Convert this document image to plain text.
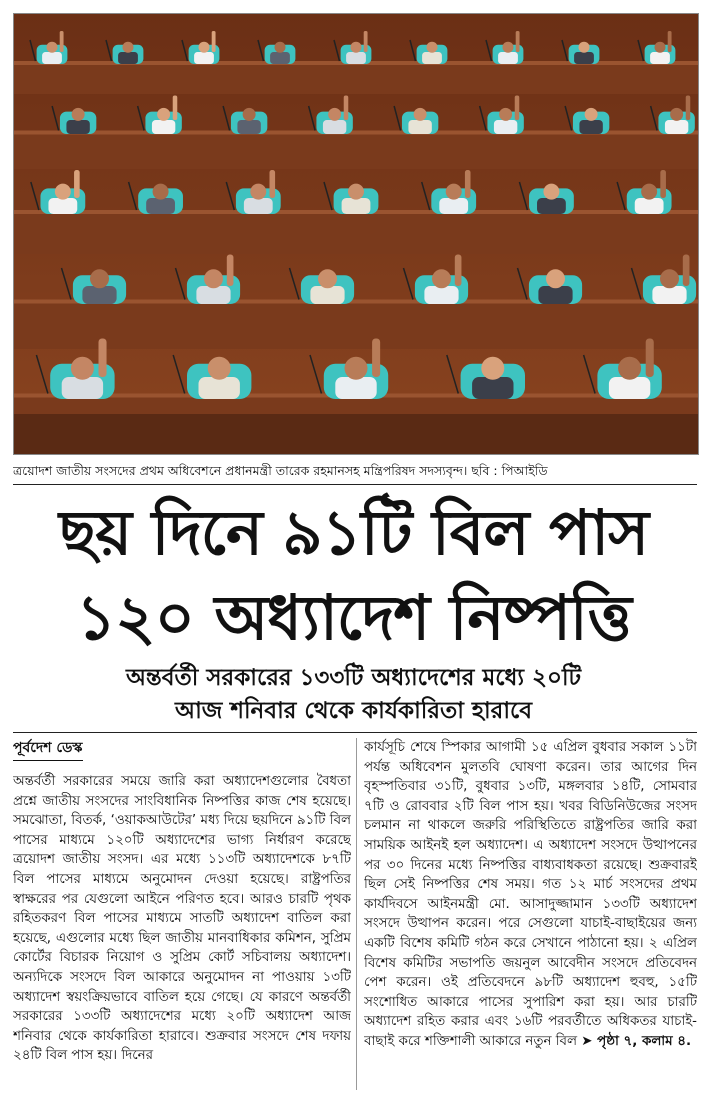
ত্রয়োদশ জাতীয় সংসদের প্রথম অধিবেশনে প্রধানমন্ত্রী তারেক রহমানসহ মন্ত্রিপরিষদ সদস্যবৃন্দ। ছবি : পিআইডি
ছয় দিনে ৯১টি বিল পাস
১২০ অধ্যাদেশ নিষ্পত্তি
অন্তর্বর্তী সরকারের ১৩৩টি অধ্যাদেশের মধ্যে ২০টি
আজ শনিবার থেকে কার্যকারিতা হারাবে
পূর্বদেশ ডেস্ক
অন্তর্বর্তী সরকারের সময়ে জারি করা অধ্যাদেশগুলোর বৈধতা প্রশ্নে জাতীয় সংসদের সাংবিধানিক নিষ্পত্তির কাজ শেষ হয়েছে। সমঝোতা, বিতর্ক, ‘ওয়াকআউটের’ মধ্য দিয়ে ছয়দিনে ৯১টি বিল পাসের মাধ্যমে ১২০টি অধ্যাদেশের ভাগ্য নির্ধারণ করেছে ত্রয়োদশ জাতীয় সংসদ। এর মধ্যে ১১৩টি অধ্যাদেশকে ৮৭টি বিল পাসের মাধ্যমে অনুমোদন দেওয়া হয়েছে। রাষ্ট্রপতির স্বাক্ষরের পর যেগুলো আইনে পরিণত হবে। আরও চারটি পৃথক রহিতকরণ বিল পাসের মাধ্যমে সাতটি অধ্যাদেশ বাতিল করা হয়েছে, এগুলোর মধ্যে ছিল জাতীয় মানবাধিকার কমিশন, সুপ্রিম কোর্টের বিচারক নিয়োগ ও সুপ্রিম কোর্ট সচিবালয় অধ্যাদেশ। অন্যদিকে সংসদে বিল আকারে অনুমোদন না পাওয়ায় ১৩টি অধ্যাদেশ স্বয়ংক্রিয়ভাবে বাতিল হয়ে গেছে। যে কারণে অন্তর্বর্তী সরকারের ১৩৩টি অধ্যাদেশের মধ্যে ২০টি অধ্যাদেশ আজ শনিবার থেকে কার্যকারিতা হারাবে। শুক্রবার সংসদে শেষ দফায় ২৪টি বিল পাস হয়। দিনের
কার্যসূচি শেষে স্পিকার আগামী ১৫ এপ্রিল বুধবার সকাল ১১টা পর্যন্ত অধিবেশন মুলতবি ঘোষণা করেন। তার আগের দিন বৃহস্পতিবার ৩১টি, বুধবার ১৩টি, মঙ্গলবার ১৪টি, সোমবার ৭টি ও রোববার ২টি বিল পাস হয়। খবর বিডিনিউজের সংসদ চলমান না থাকলে জরুরি পরিস্থিতিতে রাষ্ট্রপতির জারি করা সাময়িক আইনই হল অধ্যাদেশ। এ অধ্যাদেশ সংসদে উত্থাপনের পর ৩০ দিনের মধ্যে নিষ্পত্তির বাধ্যবাধকতা রয়েছে। শুক্রবারই ছিল সেই নিষ্পত্তির শেষ সময়। গত ১২ মার্চ সংসদের প্রথম কার্যদিবসে আইনমন্ত্রী মো. আসাদুজ্জামান ১৩৩টি অধ্যাদেশ সংসদে উত্থাপন করেন। পরে সেগুলো যাচাই-বাছাইয়ের জন্য একটি বিশেষ কমিটি গঠন করে সেখানে পাঠানো হয়। ২ এপ্রিল বিশেষ কমিটির সভাপতি জয়নুল আবেদীন সংসদে প্রতিবেদন পেশ করেন। ওই প্রতিবেদনে ৯৮টি অধ্যাদেশ হুবহু, ১৫টি সংশোধিত আকারে পাসের সুপারিশ করা হয়। আর চারটি অধ্যাদেশ রহিত করার এবং ১৬টি পরবর্তীতে অধিকতর যাচাই-বাছাই করে শক্তিশালী আকারে নতুন বিল ➤ পৃষ্ঠা ৭, কলাম ৪.
